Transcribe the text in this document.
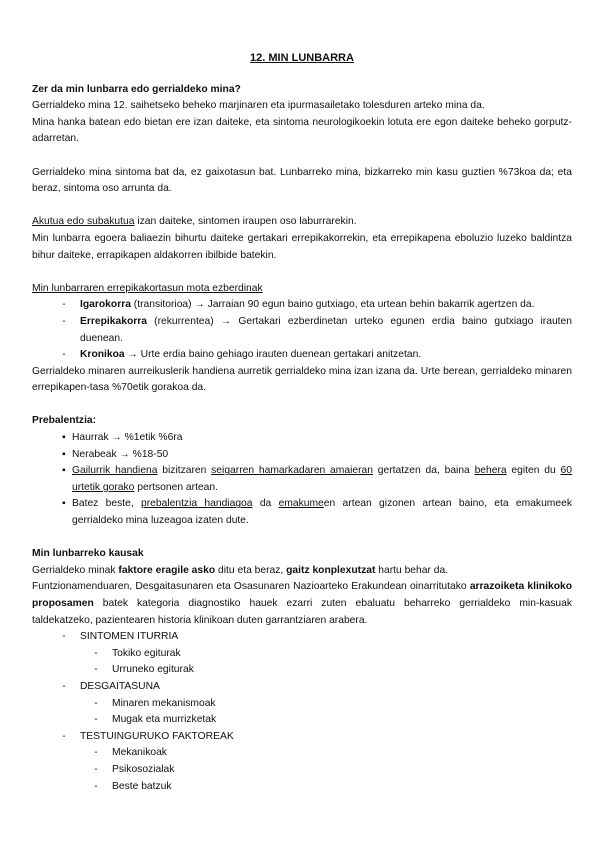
12. MIN LUNBARRA

Zer da min lunbarra edo gerrialdeko mina?

Gerrialdeko mina 12. saihetseko beheko marjinaren eta ipurmasailetako tolesduren arteko mina da.

Mina hanka batean edo bietan ere izan daiteke, eta sintoma neurologikoekin lotuta ere egon daiteke beheko gorputz-adarretan.

Gerrialdeko mina sintoma bat da, ez gaixotasun bat. Lunbarreko mina, bizkarreko min kasu guztien %73koa da; eta beraz, sintoma oso arrunta da.

Akutua edo subakutua izan daiteke, sintomen iraupen oso laburrarekin.

Min lunbarra egoera baliaezin bihurtu daiteke gertakari errepikakorrekin, eta errepikapena eboluzio luzeko baldintza bihur daiteke, errapikapen aldakorren ibilbide batekin.

Min lunbarraren errepikakortasun mota ezberdinak

-	Igarokorra (transitorioa) → Jarraian 90 egun baino gutxiago, eta urtean behin bakarrik agertzen da.
-	Errepikakorra (rekurrentea) → Gertakari ezberdinetan urteko egunen erdia baino gutxiago irauten duenean.
-	Kronikoa → Urte erdia baino gehiago irauten duenean gertakari anitzetan.

Gerrialdeko minaren aurreikuslerik handiena aurretik gerrialdeko mina izan izana da. Urte berean, gerrialdeko minaren errepikapen-tasa %70etik gorakoa da.

Prebalentzia:

▪ Haurrak → %1etik %6ra
▪ Nerabeak → %18-50
▪ Gailurrik handiena bizitzaren seigarren hamarkadaren amaieran gertatzen da, baina behera egiten du 60 urtetik gorako pertsonen artean.
▪ Batez beste, prebalentzia handiagoa da emakumeen artean gizonen artean baino, eta emakumeek gerrialdeko mina luzeagoa izaten dute.

Min lunbarreko kausak

Gerrialdeko minak faktore eragile asko ditu eta beraz, gaitz konplexutzat hartu behar da.

Funtzionamenduaren, Desgaitasunaren eta Osasunaren Nazioarteko Erakundean oinarritutako arrazoiketa klinikoko proposamen batek kategoria diagnostiko hauek ezarri zuten ebaluatu beharreko gerrialdeko min-kasuak taldekatzeko, pazientearen historia klinikoan duten garrantziaren arabera.

-	SINTOMEN ITURRIA
-	Tokiko egiturak
-	Urruneko egiturak
-	DESGAITASUNA
-	Minaren mekanismoak
-	Mugak eta murrizketak
-	TESTUINGURUKO FAKTOREAK
-	Mekanikoak
-	Psikosozialak
-	Beste batzuk
